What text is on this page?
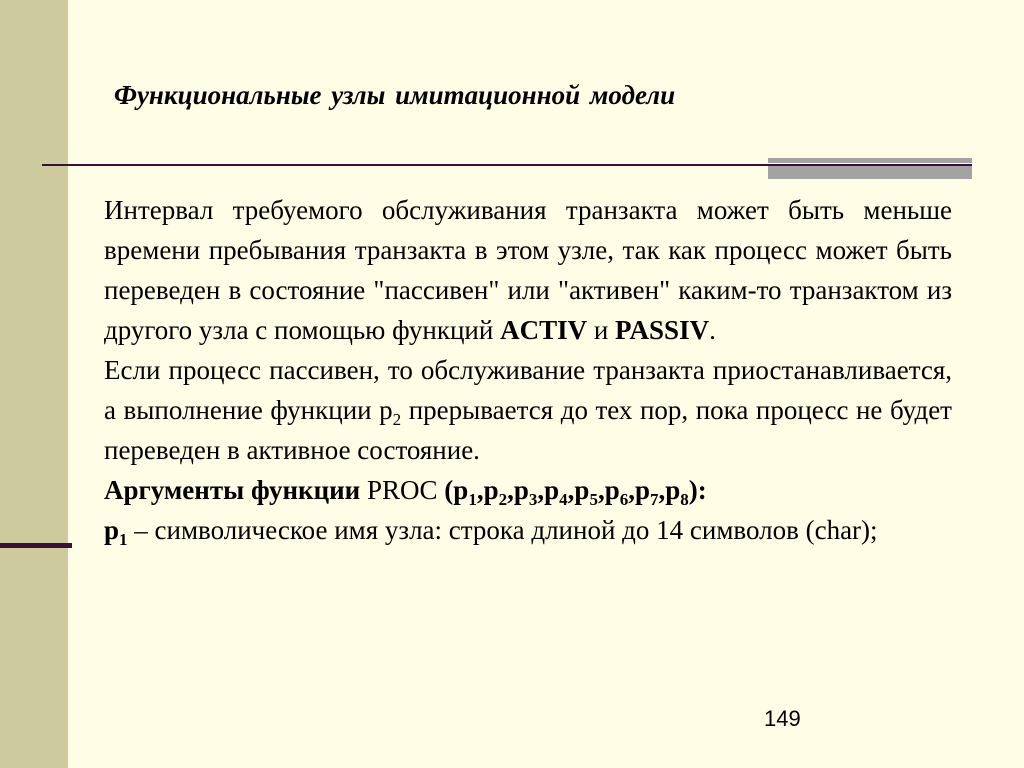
Функциональные узлы имитационной модели

Интервал требуемого обслуживания транзакта может быть меньше времени пребывания транзакта в этом узле, так как процесс может быть переведен в состояние "пассивен" или "активен" каким-то транзактом из другого узла с помощью функций ACTIV и PASSIV.

Если процесс пассивен, то обслуживание транзакта приостанавливается, а выполнение функции $p_2$ прерывается до тех пор, пока процесс не будет переведен в активное состояние.

Аргументы функции PROC $(p_1,p_2,p_3,p_4,p_5,p_6,p_7,p_8)$:

$p_1$ – символическое имя узла: строка длиной до 14 символов (char);

149
